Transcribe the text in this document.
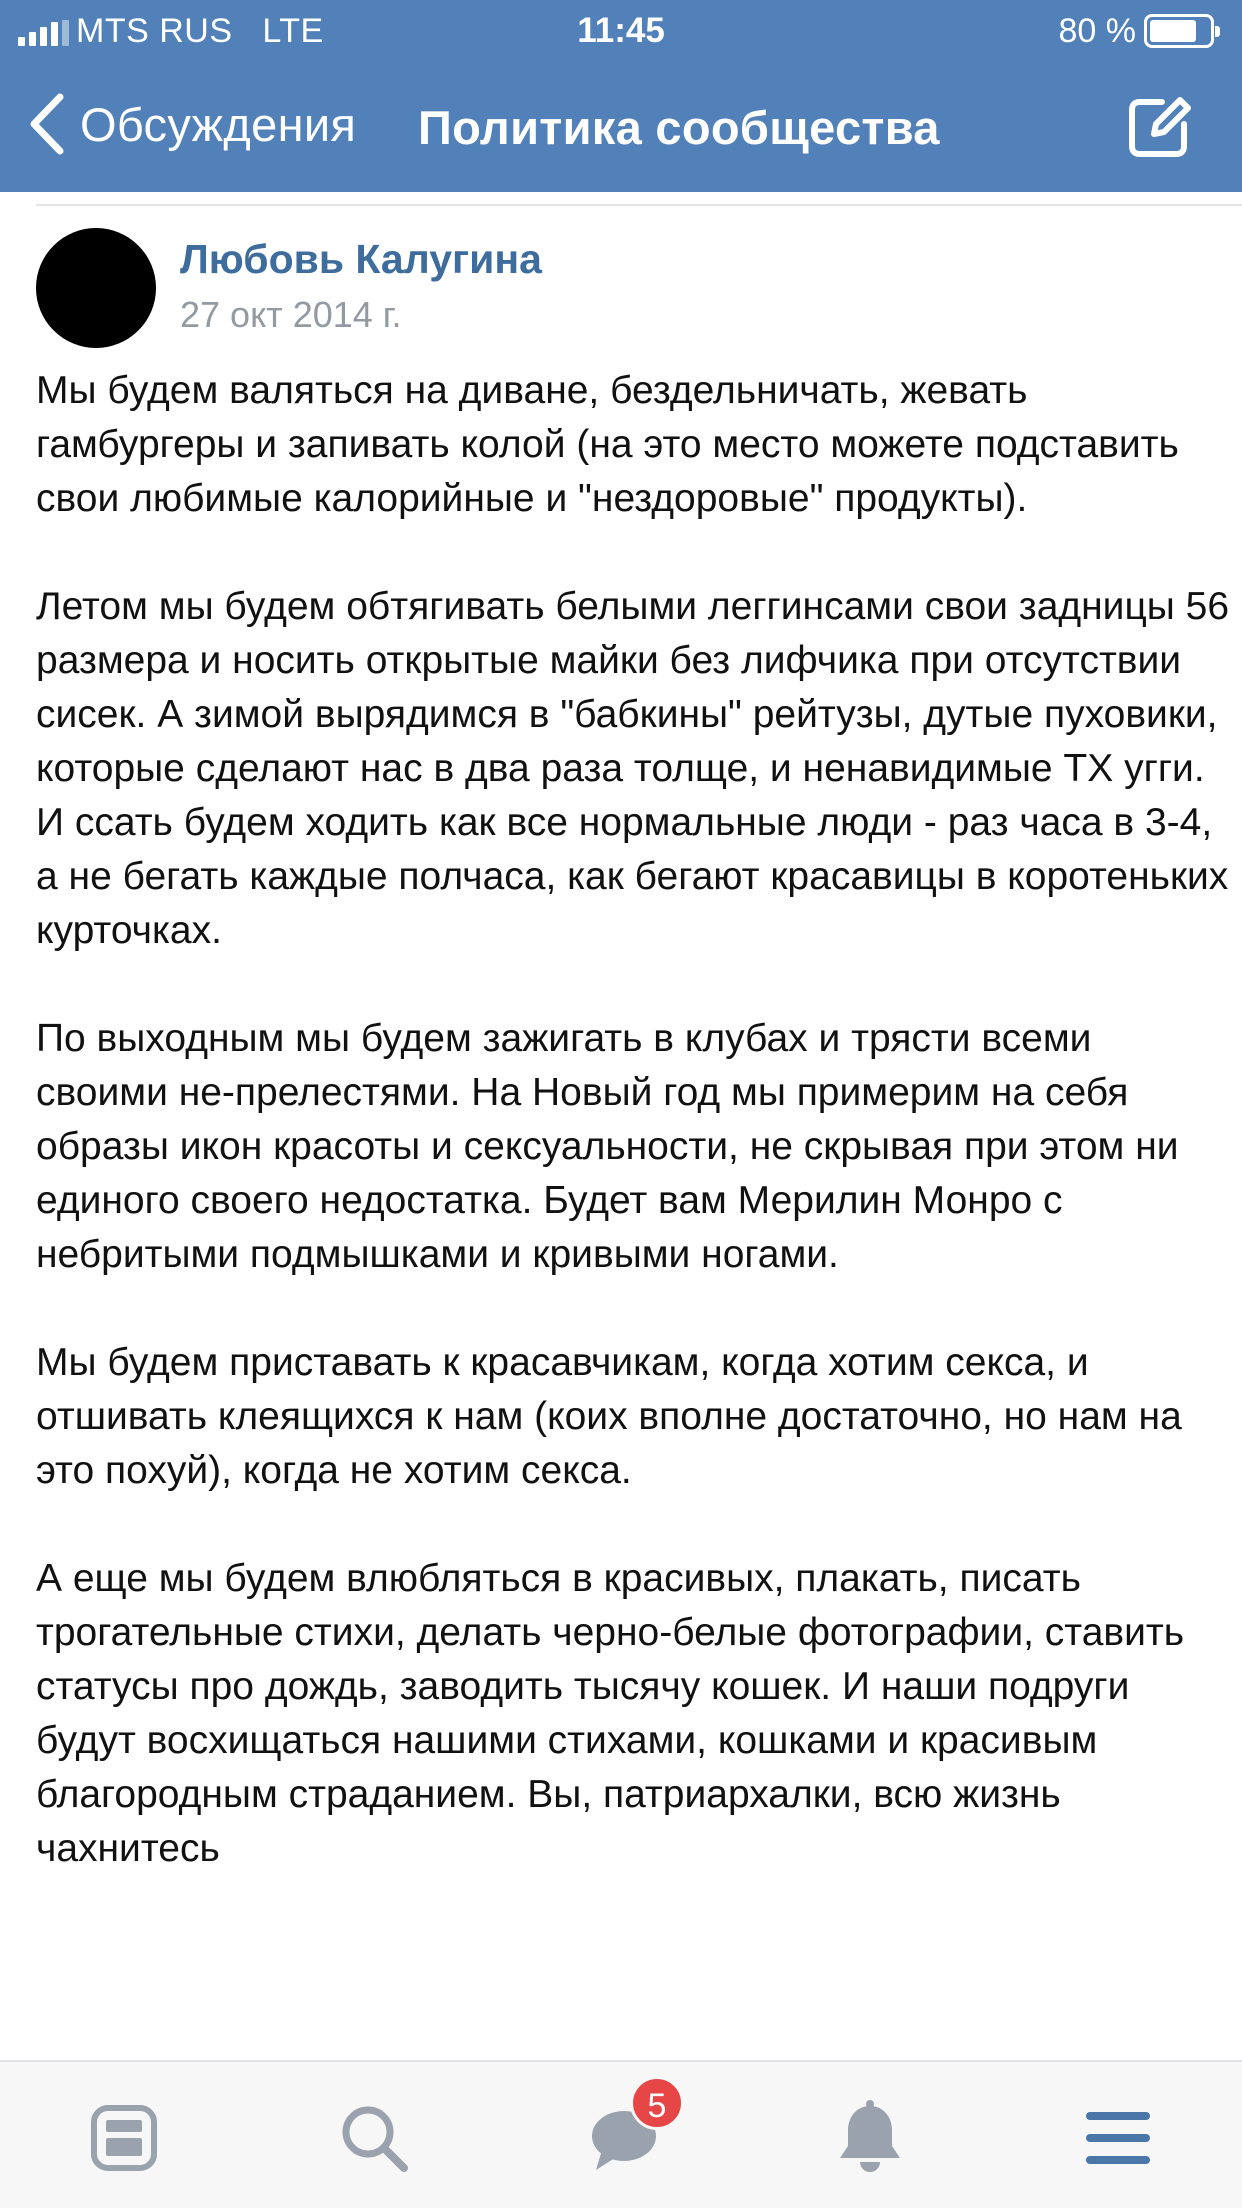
MTS RUS LTE	11:45	80 %
Обсуждения Политика сообщества
Любовь Калугина
27 окт 2014 г.

Мы будем валяться на диване, бездельничать, жевать гамбургеры и запивать колой (на это место можете подставить свои любимые калорийные и "нездоровые" продукты).

Летом мы будем обтягивать белыми леггинсами свои задницы 56 размера и носить открытые майки без лифчика при отсутствии сисек. А зимой вырядимся в "бабкины" рейтузы, дутые пуховики, которые сделают нас в два раза толще, и ненавидимые ТХ угги. И ссать будем ходить как все нормальные люди - раз часа в 3-4, а не бегать каждые полчаса, как бегают красавицы в коротеньких курточках.

По выходным мы будем зажигать в клубах и трясти всеми своими не-прелестями. На Новый год мы примерим на себя образы икон красоты и сексуальности, не скрывая при этом ни единого своего недостатка. Будет вам Мерилин Монро с небритыми подмышками и кривыми ногами.

Мы будем приставать к красавчикам, когда хотим секса, и отшивать клеящихся к нам (коих вполне достаточно, но нам на это похуй), когда не хотим секса.

А еще мы будем влюбляться в красивых, плакать, писать трогательные стихи, делать черно-белые фотографии, ставить статусы про дождь, заводить тысячу кошек. И наши подруги будут восхищаться нашими стихами, кошками и красивым благородным страданием. Вы, патриархалки, всю жизнь чахнитесь

5
